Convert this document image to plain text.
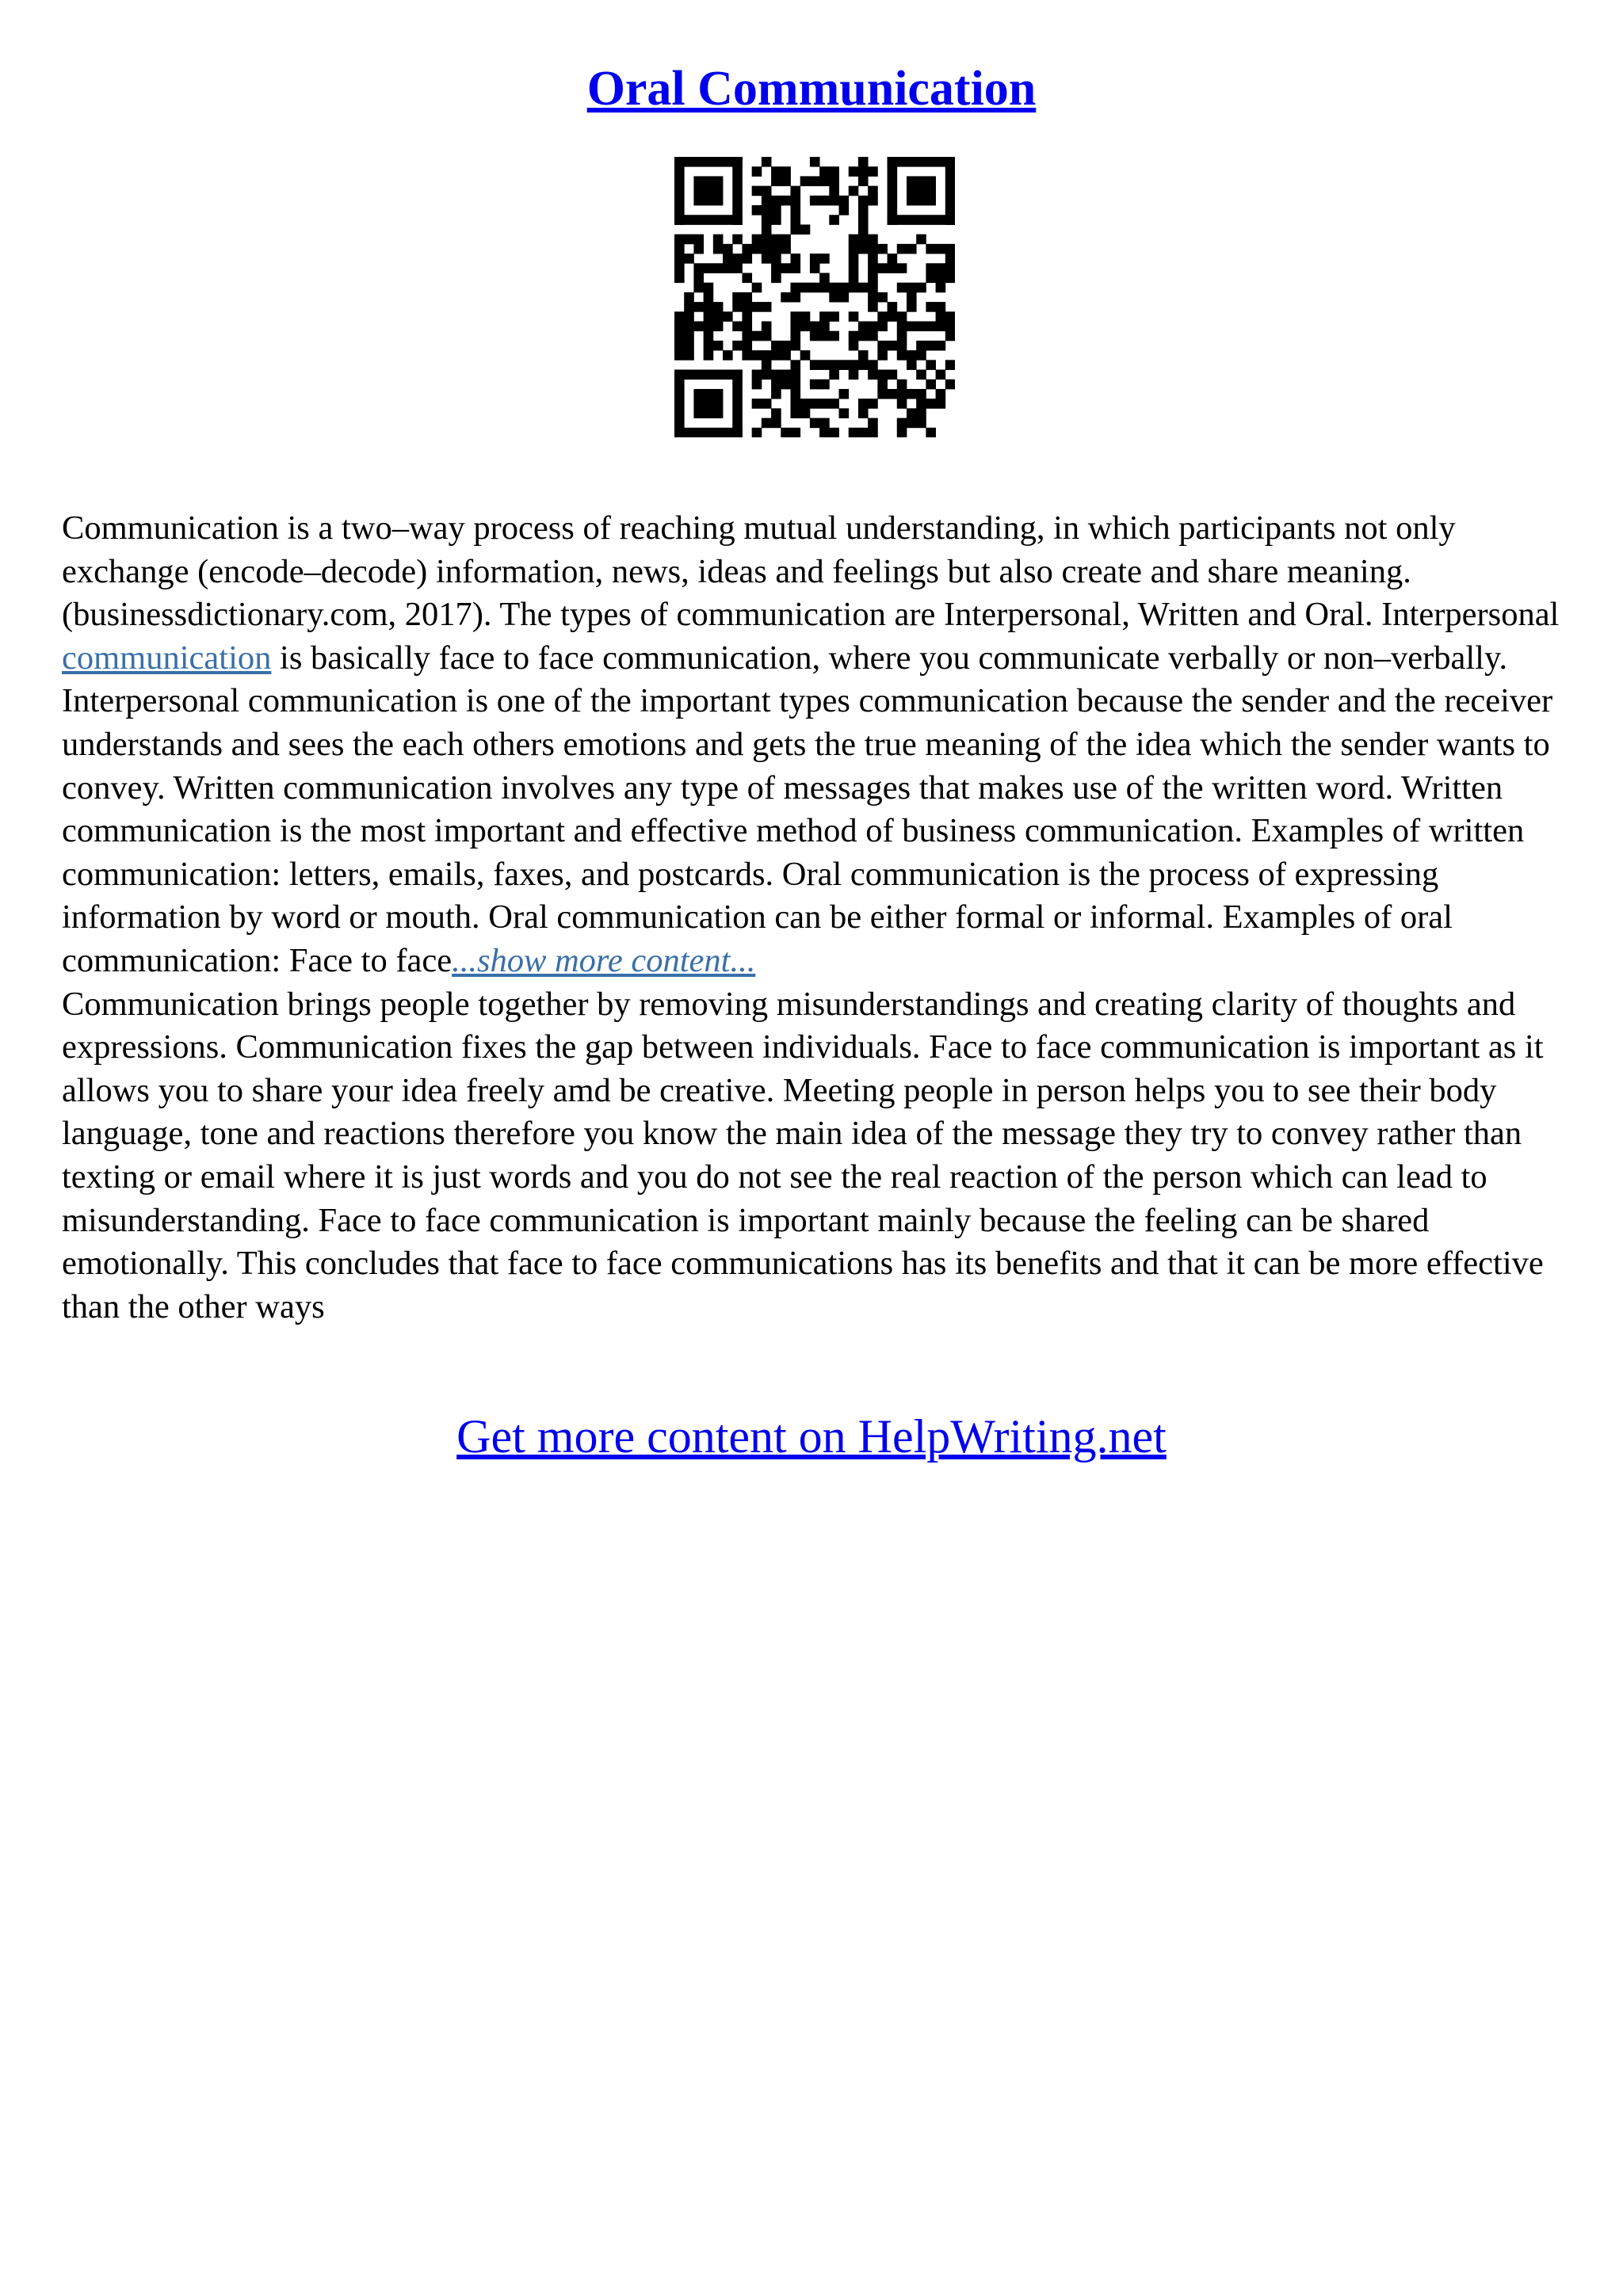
Oral Communication

Communication is a two–way process of reaching mutual understanding, in which participants not only exchange (encode–decode) information, news, ideas and feelings but also create and share meaning. (businessdictionary.com, 2017). The types of communication are Interpersonal, Written and Oral. Interpersonal communication is basically face to face communication, where you communicate verbally or non–verbally. Interpersonal communication is one of the important types communication because the sender and the receiver understands and sees the each others emotions and gets the true meaning of the idea which the sender wants to convey. Written communication involves any type of messages that makes use of the written word. Written communication is the most important and effective method of business communication. Examples of written communication: letters, emails, faxes, and postcards. Oral communication is the process of expressing information by word or mouth. Oral communication can be either formal or informal. Examples of oral communication: Face to face...show more content...

Communication brings people together by removing misunderstandings and creating clarity of thoughts and expressions. Communication fixes the gap between individuals. Face to face communication is important as it allows you to share your idea freely amd be creative. Meeting people in person helps you to see their body language, tone and reactions therefore you know the main idea of the message they try to convey rather than texting or email where it is just words and you do not see the real reaction of the person which can lead to misunderstanding. Face to face communication is important mainly because the feeling can be shared emotionally. This concludes that face to face communications has its benefits and that it can be more effective than the other ways

Get more content on HelpWriting.net
